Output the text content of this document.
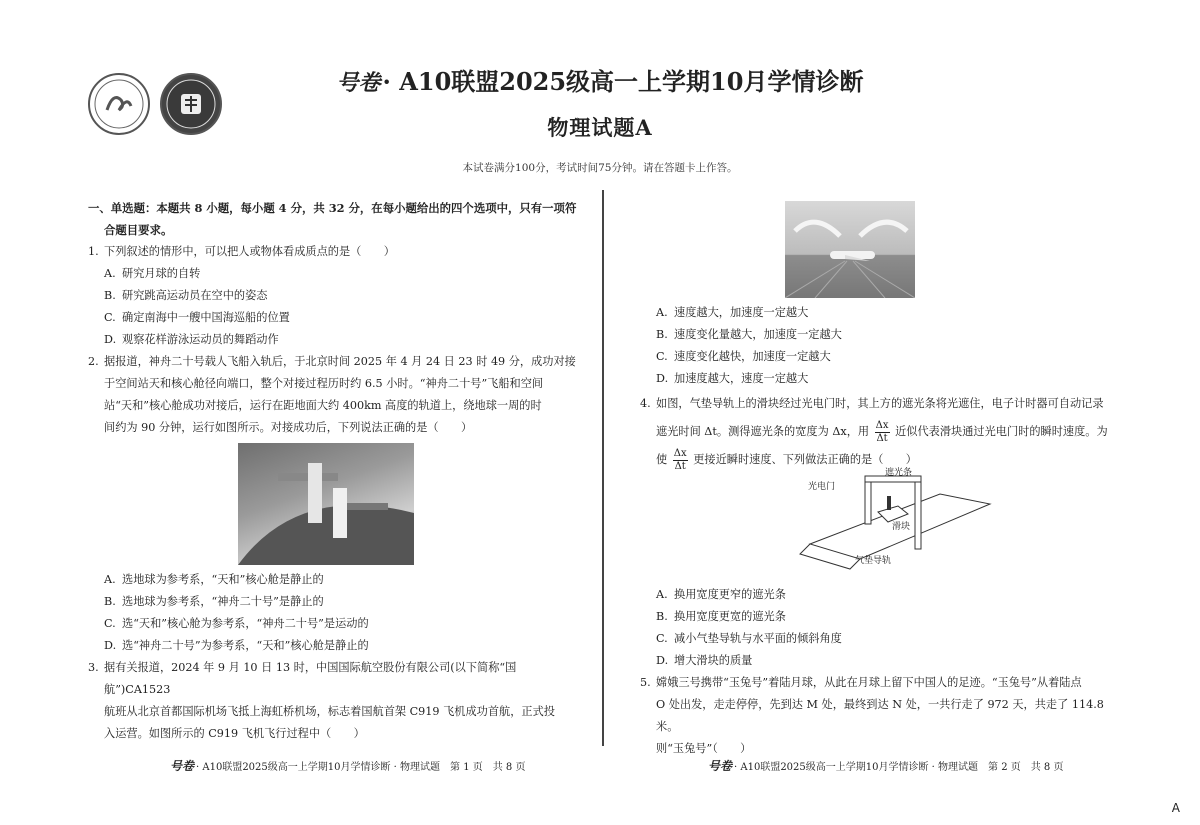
号卷· A10联盟2025级高一上学期10月学情诊断
物理试题A
本试卷满分100分，考试时间75分钟。请在答题卡上作答。
一、单选题：本题共 8 小题，每小题 4 分，共 32 分，在每小题给出的四个选项中，只有一项符
合题目要求。
1. 下列叙述的情形中，可以把人或物体看成质点的是（　　）
A. 研究月球的自转
B. 研究跳高运动员在空中的姿态
C. 确定南海中一艘中国海巡船的位置
D. 观察花样游泳运动员的舞蹈动作
2. 据报道，神舟二十号载人飞船入轨后，于北京时间 2025 年 4 月 24 日 23 时 49 分，成功对接
于空间站天和核心舱径向端口，整个对接过程历时约 6.5 小时。“神舟二十号”飞船和空间
站“天和”核心舱成功对接后，运行在距地面大约 400km 高度的轨道上，绕地球一周的时
间约为 90 分钟，运行如图所示。对接成功后，下列说法正确的是（　　）
A. 选地球为参考系，“天和”核心舱是静止的
B. 选地球为参考系，“神舟二十号”是静止的
C. 选“天和”核心舱为参考系，“神舟二十号”是运动的
D. 选“神舟二十号”为参考系，“天和”核心舱是静止的
3. 据有关报道，2024 年 9 月 10 日 13 时，中国国际航空股份有限公司(以下简称“国航”)CA1523
航班从北京首都国际机场飞抵上海虹桥机场，标志着国航首架 C919 飞机成功首航，正式投
入运营。如图所示的 C919 飞机飞行过程中（　　）
A. 速度越大，加速度一定越大
B. 速度变化量越大，加速度一定越大
C. 速度变化越快，加速度一定越大
D. 加速度越大，速度一定越大
4. 如图，气垫导轨上的滑块经过光电门时，其上方的遮光条将光遮住，电子计时器可自动记录
遮光时间 Δt。测得遮光条的宽度为 Δx，用 $\frac{\Delta x}{\Delta t}$ 近似代表滑块通过光电门时的瞬时速度。为
使 $\frac{\Delta x}{\Delta t}$ 更接近瞬时速度、下列做法正确的是（　　）
光电门
遮光条
滑块
气垫导轨
A. 换用宽度更窄的遮光条
B. 换用宽度更宽的遮光条
C. 减小气垫导轨与水平面的倾斜角度
D. 增大滑块的质量
5. 嫦娥三号携带“玉兔号”着陆月球，从此在月球上留下中国人的足迹。“玉兔号”从着陆点
O 处出发，走走停停，先到达 M 处，最终到达 N 处，一共行走了 972 天，共走了 114.8 米。
则“玉兔号”（　　）
号卷 · A10联盟2025级高一上学期10月学情诊断 · 物理试题　第 1 页　共 8 页	号卷 · A10联盟2025级高一上学期10月学情诊断 · 物理试题　第 2 页　共 8 页
A
